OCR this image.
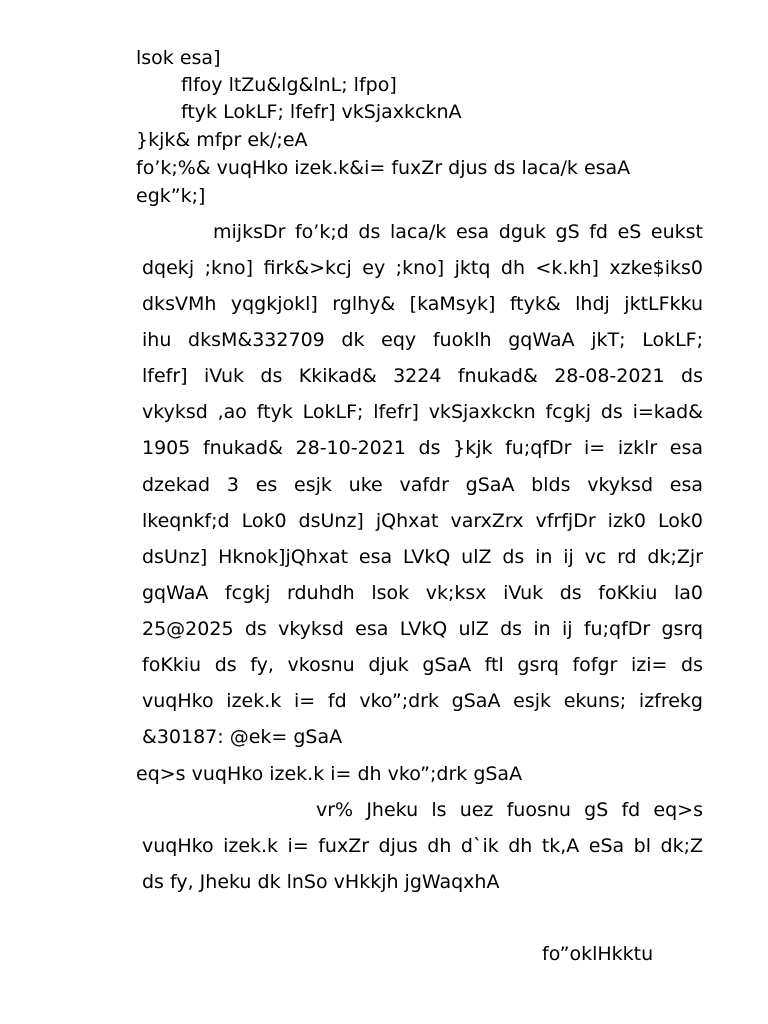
lsok esa]
flfoy ltZu&lg&lnL; lfpo]
ftyk LokLF; lfefr] vkSjaxkcknA
}kjk& mfpr ek/;eA
fo’k;%& vuqHko izek.k&i= fuxZr djus ds laca/k esaA
egk”k;]
mijksDr fo’k;d ds laca/k esa dguk gS fd eS eukst
dqekj ;kno] firk&>kcj ey ;kno] jktq dh <k.kh] xzke$iks0
dksVMh yqgkjokl] rglhy& [kaMsyk] ftyk& lhdj jktLFkku
ihu dksM&332709 dk eqy fuoklh gqWaA jkT; LokLF;
lfefr] iVuk ds Kkikad& 3224 fnukad& 28-08-2021 ds
vkyksd ,ao ftyk LokLF; lfefr] vkSjaxkckn fcgkj ds i=kad&
1905 fnukad& 28-10-2021 ds }kjk fu;qfDr i= izklr esa
dzekad 3 es esjk uke vafdr gSaA blds vkyksd esa
lkeqnkf;d Lok0 dsUnz] jQhxat varxZrx vfrfjDr izk0 Lok0
dsUnz] Hknok]jQhxat esa LVkQ ulZ ds in ij vc rd dk;Zjr
gqWaA fcgkj rduhdh lsok vk;ksx iVuk ds foKkiu la0
25@2025 ds vkyksd esa LVkQ ulZ ds in ij fu;qfDr gsrq
foKkiu ds fy, vkosnu djuk gSaA ftl gsrq fofgr izi= ds
vuqHko izek.k i= fd vko”;drk gSaA esjk ekuns; izfrekg
&30187: @ek= gSaA
eq>s vuqHko izek.k i= dh vko”;drk gSaA
vr% Jheku ls uez fuosnu gS fd eq>s
vuqHko izek.k i= fuxZr djus dh d`ik dh tk,A eSa bl dk;Z
ds fy, Jheku dk lnSo vHkkjh jgWaqxhA
fo”oklHkktu
